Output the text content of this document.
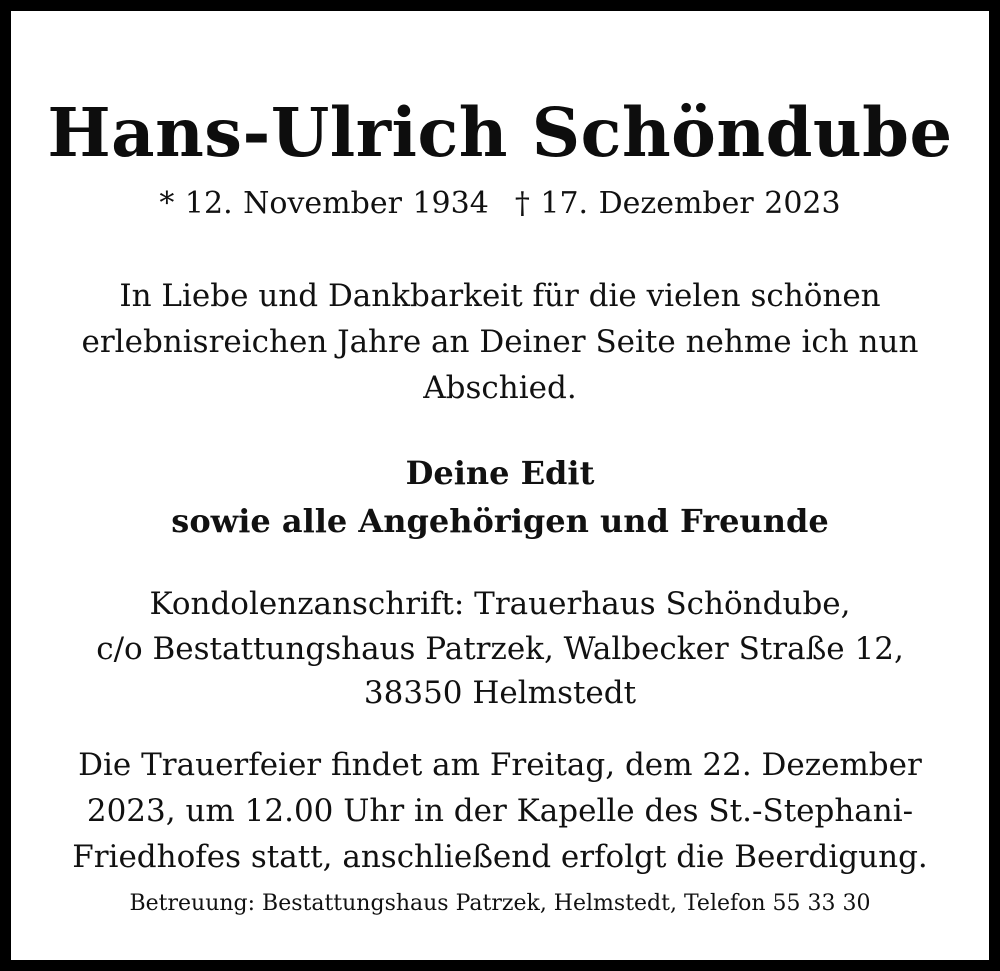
Hans-Ulrich Schöndube
* 12. November 1934 † 17. Dezember 2023
In Liebe und Dankbarkeit für die vielen schönen
erlebnisreichen Jahre an Deiner Seite nehme ich nun
Abschied.
Deine Edit
sowie alle Angehörigen und Freunde
Kondolenzanschrift: Trauerhaus Schöndube,
c/o Bestattungshaus Patrzek, Walbecker Straße 12,
38350 Helmstedt
Die Trauerfeier findet am Freitag, dem 22. Dezember
2023, um 12.00 Uhr in der Kapelle des St.-Stephani-
Friedhofes statt, anschließend erfolgt die Beerdigung.
Betreuung: Bestattungshaus Patrzek, Helmstedt, Telefon 55 33 30
